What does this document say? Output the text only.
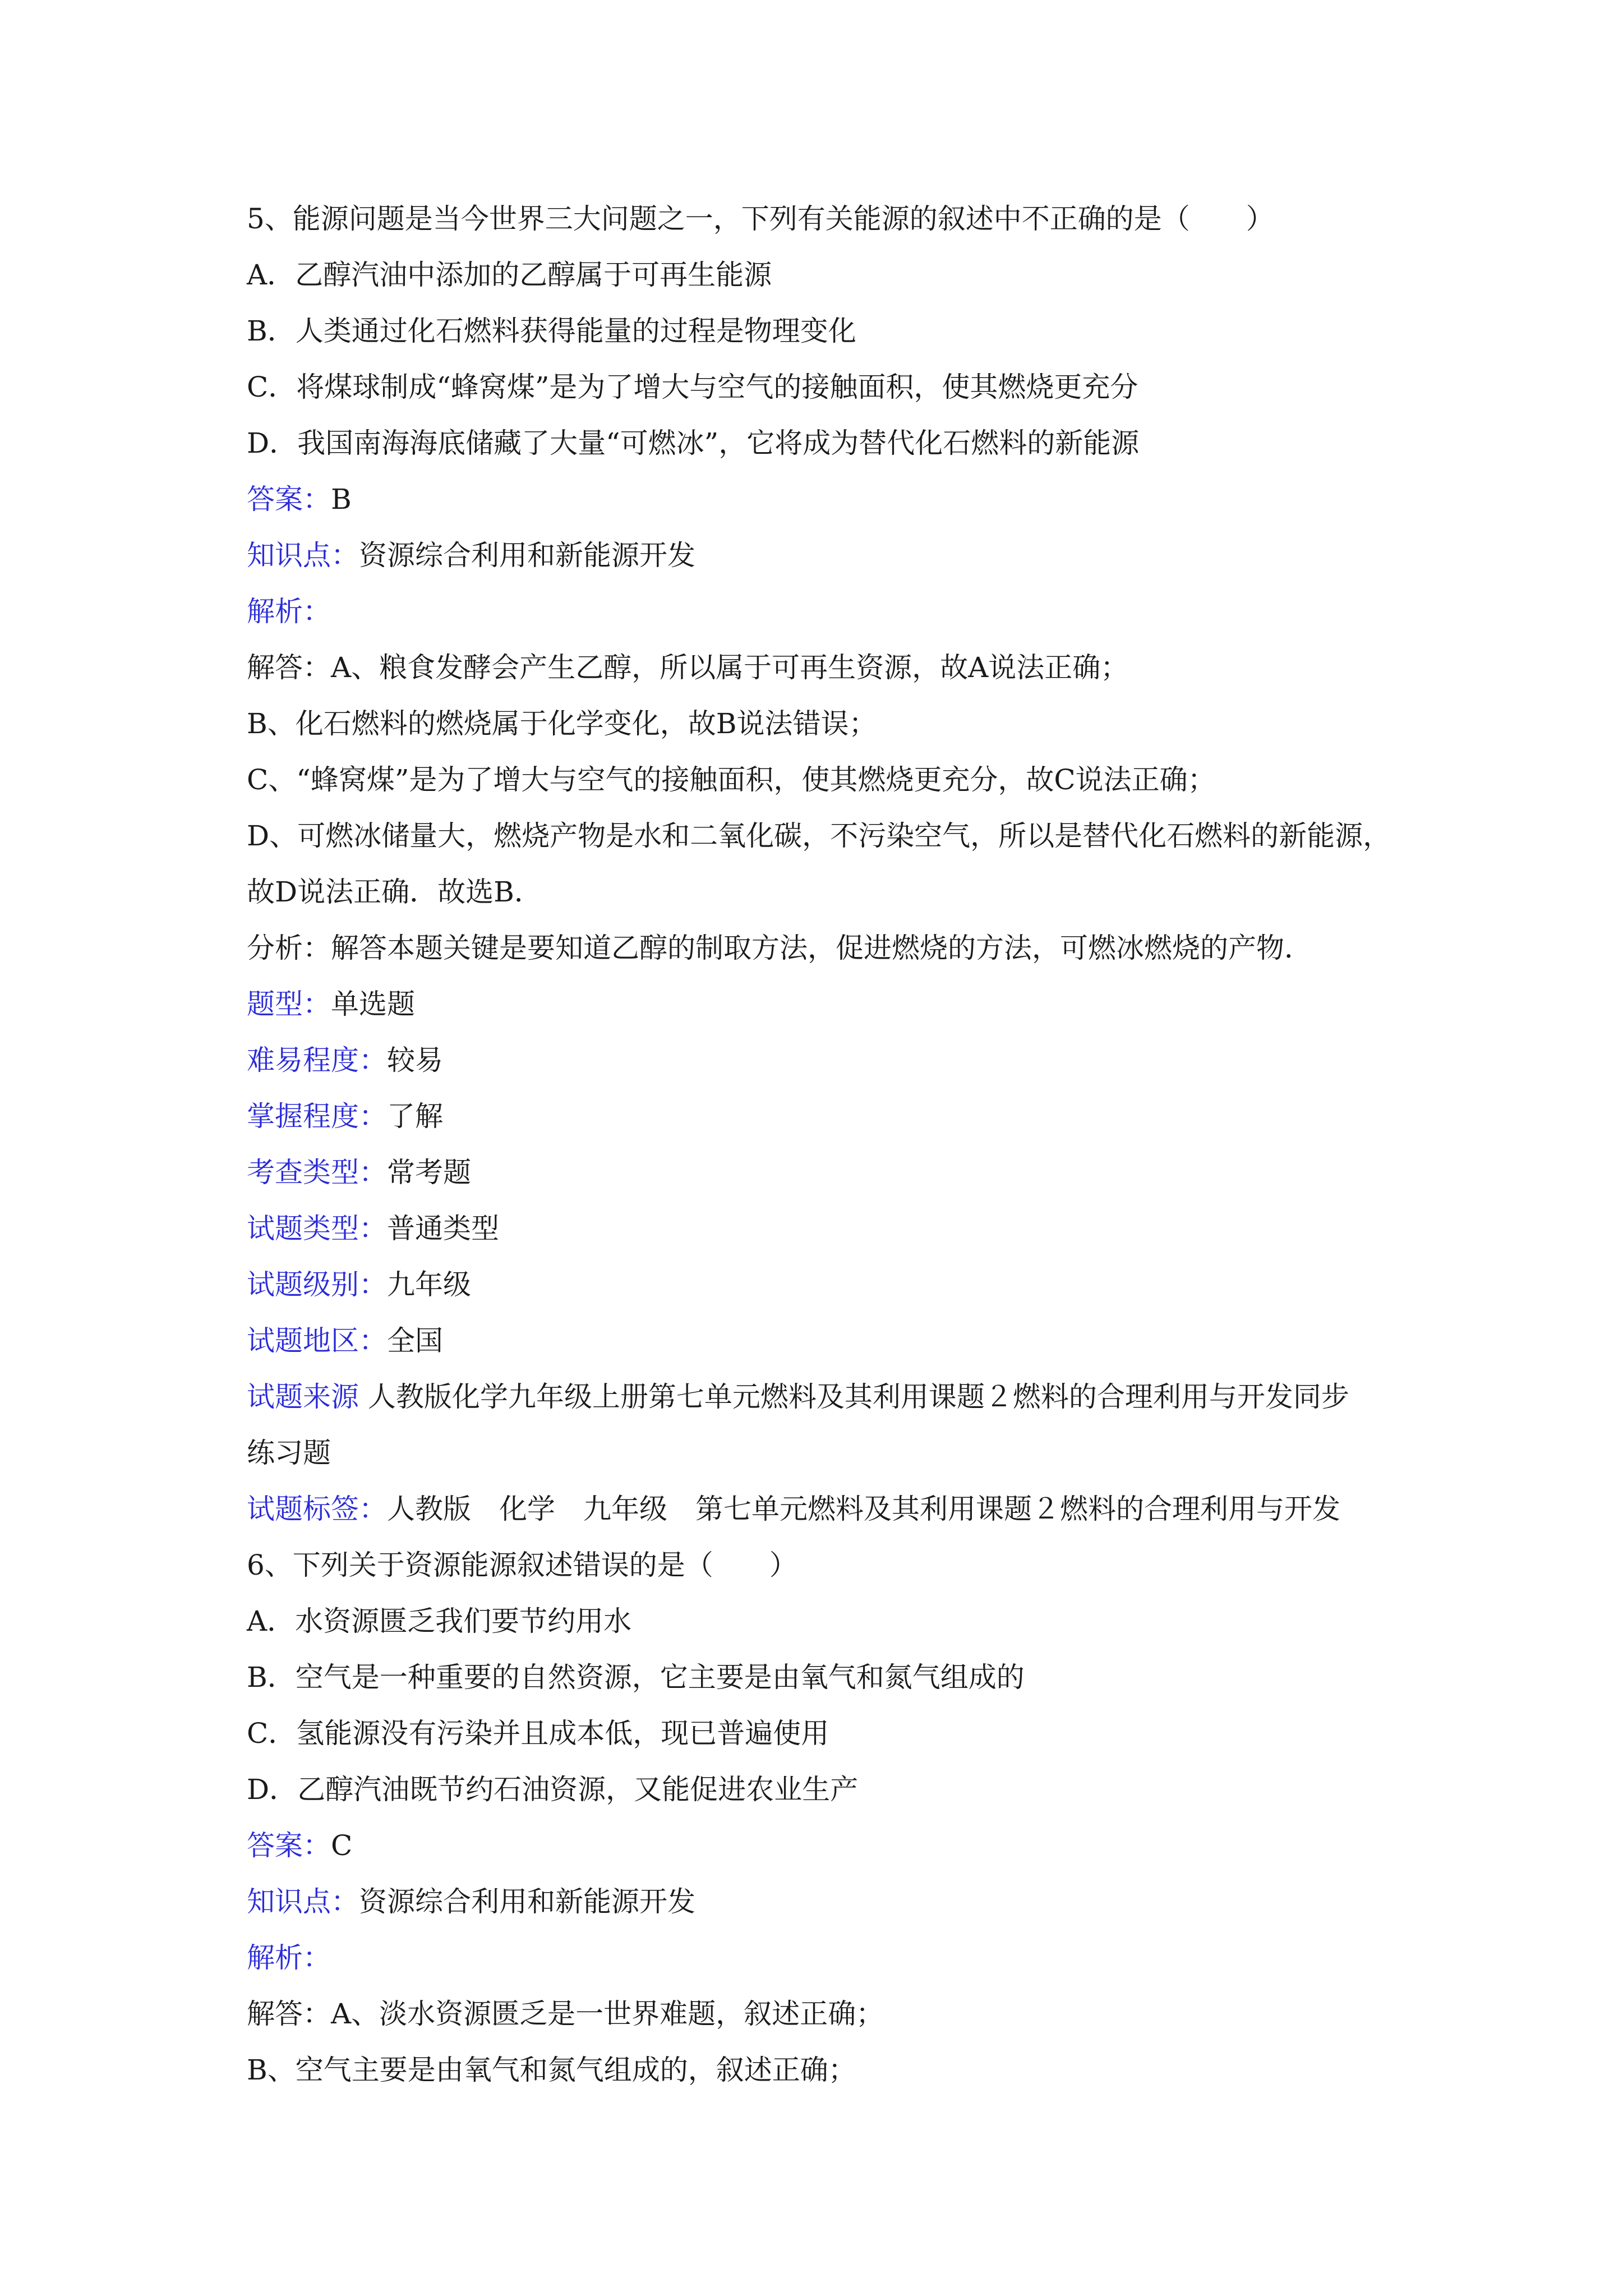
5、能源问题是当今世界三大问题之一，下列有关能源的叙述中不正确的是（　　）
A．乙醇汽油中添加的乙醇属于可再生能源
B．人类通过化石燃料获得能量的过程是物理变化
C．将煤球制成“蜂窝煤”是为了增大与空气的接触面积，使其燃烧更充分
D．我国南海海底储藏了大量“可燃冰”，它将成为替代化石燃料的新能源
答案：B
知识点：资源综合利用和新能源开发
解析：
解答：A、粮食发酵会产生乙醇，所以属于可再生资源，故A说法正确；
B、化石燃料的燃烧属于化学变化，故B说法错误；
C、“蜂窝煤”是为了增大与空气的接触面积，使其燃烧更充分，故C说法正确；
D、可燃冰储量大，燃烧产物是水和二氧化碳，不污染空气，所以是替代化石燃料的新能源，
故D说法正确．故选B．
分析：解答本题关键是要知道乙醇的制取方法，促进燃烧的方法，可燃冰燃烧的产物．
题型：单选题
难易程度：较易
掌握程度：了解
考查类型：常考题
试题类型：普通类型
试题级别：九年级
试题地区：全国
试题来源 人教版化学九年级上册第七单元燃料及其利用课题２燃料的合理利用与开发同步
练习题
试题标签：人教版　化学　九年级　第七单元燃料及其利用课题２燃料的合理利用与开发
6、下列关于资源能源叙述错误的是（　　）
A．水资源匮乏我们要节约用水
B．空气是一种重要的自然资源，它主要是由氧气和氮气组成的
C．氢能源没有污染并且成本低，现已普遍使用
D．乙醇汽油既节约石油资源，又能促进农业生产
答案：C
知识点：资源综合利用和新能源开发
解析：
解答：A、淡水资源匮乏是一世界难题，叙述正确；
B、空气主要是由氧气和氮气组成的，叙述正确；
